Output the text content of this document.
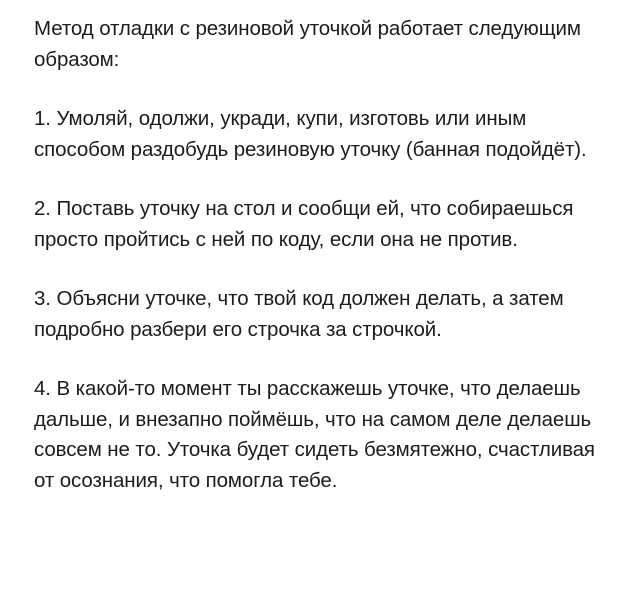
Метод отладки с резиновой уточкой работает следующим образом:

1. Умоляй, одолжи, укради, купи, изготовь или иным способом раздобудь резиновую уточку (банная подойдёт).

2. Поставь уточку на стол и сообщи ей, что собираешься просто пройтись с ней по коду, если она не против.

3. Объясни уточке, что твой код должен делать, а затем подробно разбери его строчка за строчкой.

4. В какой-то момент ты расскажешь уточке, что делаешь дальше, и внезапно поймёшь, что на самом деле делаешь совсем не то. Уточка будет сидеть безмятежно, счастливая от осознания, что помогла тебе.
